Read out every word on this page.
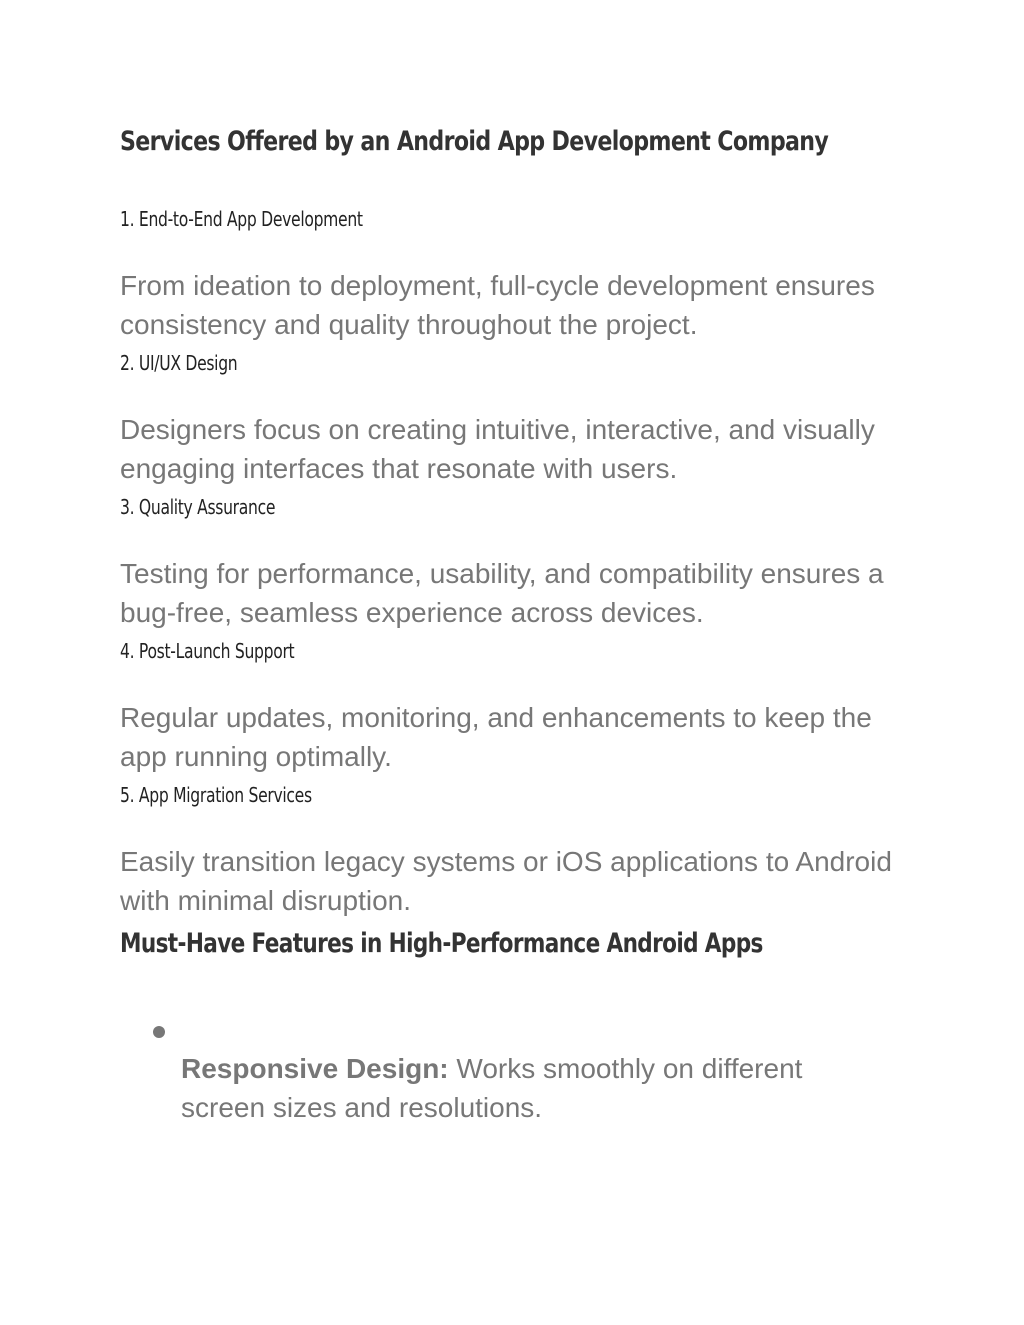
Services Offered by an Android App Development Company
1. End-to-End App Development

From ideation to deployment, full-cycle development ensures consistency and quality throughout the project.

2. UI/UX Design

Designers focus on creating intuitive, interactive, and visually engaging interfaces that resonate with users.

3. Quality Assurance

Testing for performance, usability, and compatibility ensures a bug-free, seamless experience across devices.

4. Post-Launch Support

Regular updates, monitoring, and enhancements to keep the app running optimally.

5. App Migration Services

Easily transition legacy systems or iOS applications to Android with minimal disruption.

Must-Have Features in High-Performance Android Apps

Responsive Design: Works smoothly on different screen sizes and resolutions.
